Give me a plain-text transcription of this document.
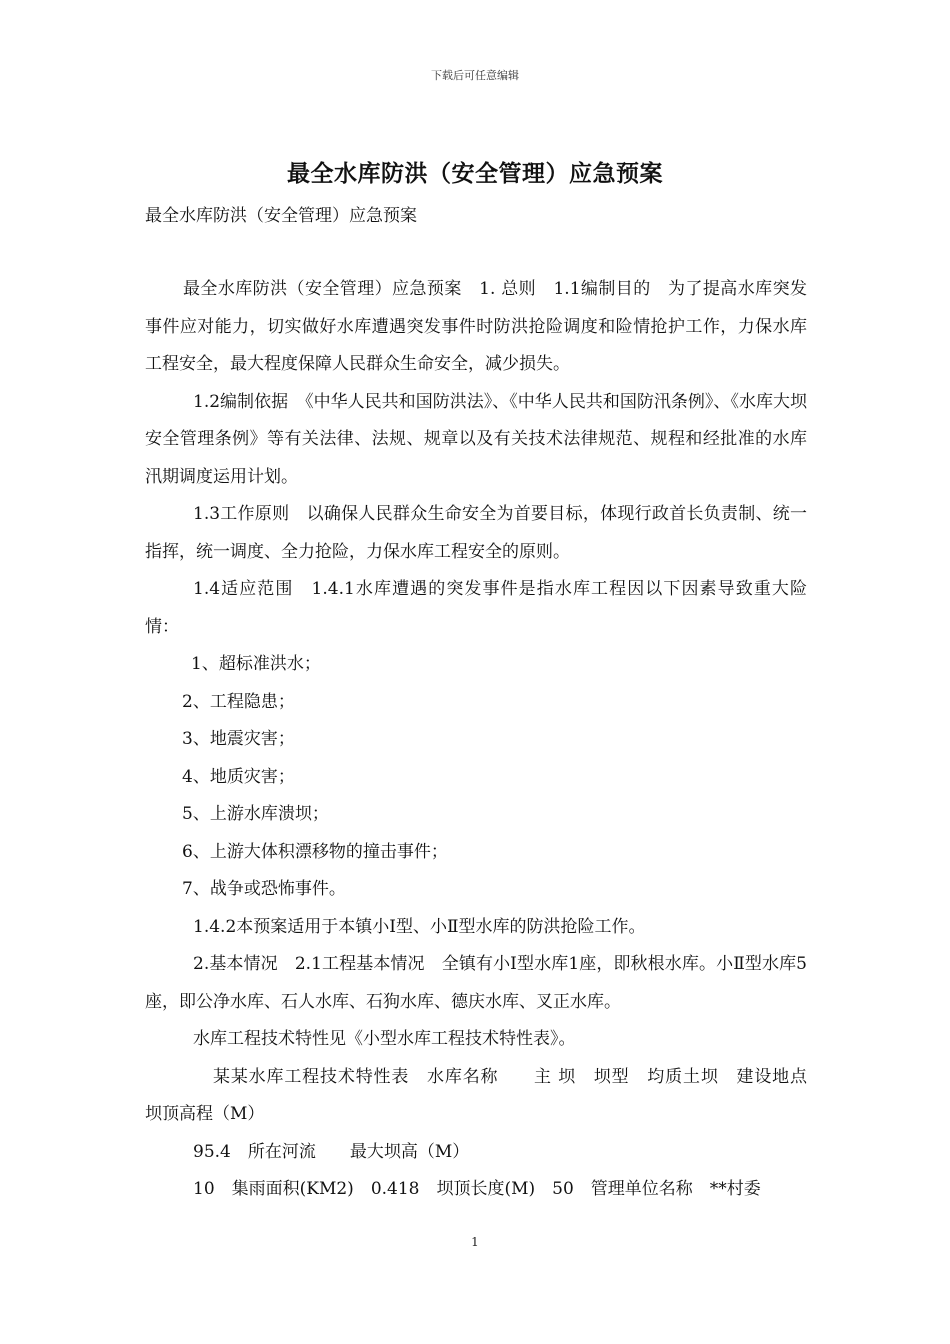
下载后可任意编辑
最全水库防洪（安全管理）应急预案
最全水库防洪（安全管理）应急预案

最全水库防洪（安全管理）应急预案　1. 总则　1.1编制目的　为了提高水库突发事件应对能力，切实做好水库遭遇突发事件时防洪抢险调度和险情抢护工作，力保水库工程安全，最大程度保障人民群众生命安全，减少损失。

1.2编制依据　《中华人民共和国防洪法》、《中华人民共和国防汛条例》、《水库大坝安全管理条例》等有关法律、法规、规章以及有关技术法律规范、规程和经批准的水库汛期调度运用计划。

1.3工作原则　以确保人民群众生命安全为首要目标，体现行政首长负责制、统一指挥，统一调度、全力抢险，力保水库工程安全的原则。

1.4适应范围　1.4.1水库遭遇的突发事件是指水库工程因以下因素导致重大险情：

1、超标准洪水；
2、工程隐患；
3、地震灾害；
4、地质灾害；
5、上游水库溃坝；
6、上游大体积漂移物的撞击事件；
7、战争或恐怖事件。

1.4.2本预案适用于本镇小Ⅰ型、小Ⅱ型水库的防洪抢险工作。

2.基本情况　2.1工程基本情况　全镇有小Ⅰ型水库1座，即秋根水库。小Ⅱ型水库5座，即公净水库、石人水库、石狗水库、德庆水库、叉正水库。

水库工程技术特性见《小型水库工程技术特性表》。

某某水库工程技术特性表　水库名称　　主 坝　坝型　均质土坝　建设地点　　坝顶高程（M）

95.4　所在河流　　最大坝高（M）

10　集雨面积(KM2)　0.418　坝顶长度(M)　50　管理单位名称　**村委

1
